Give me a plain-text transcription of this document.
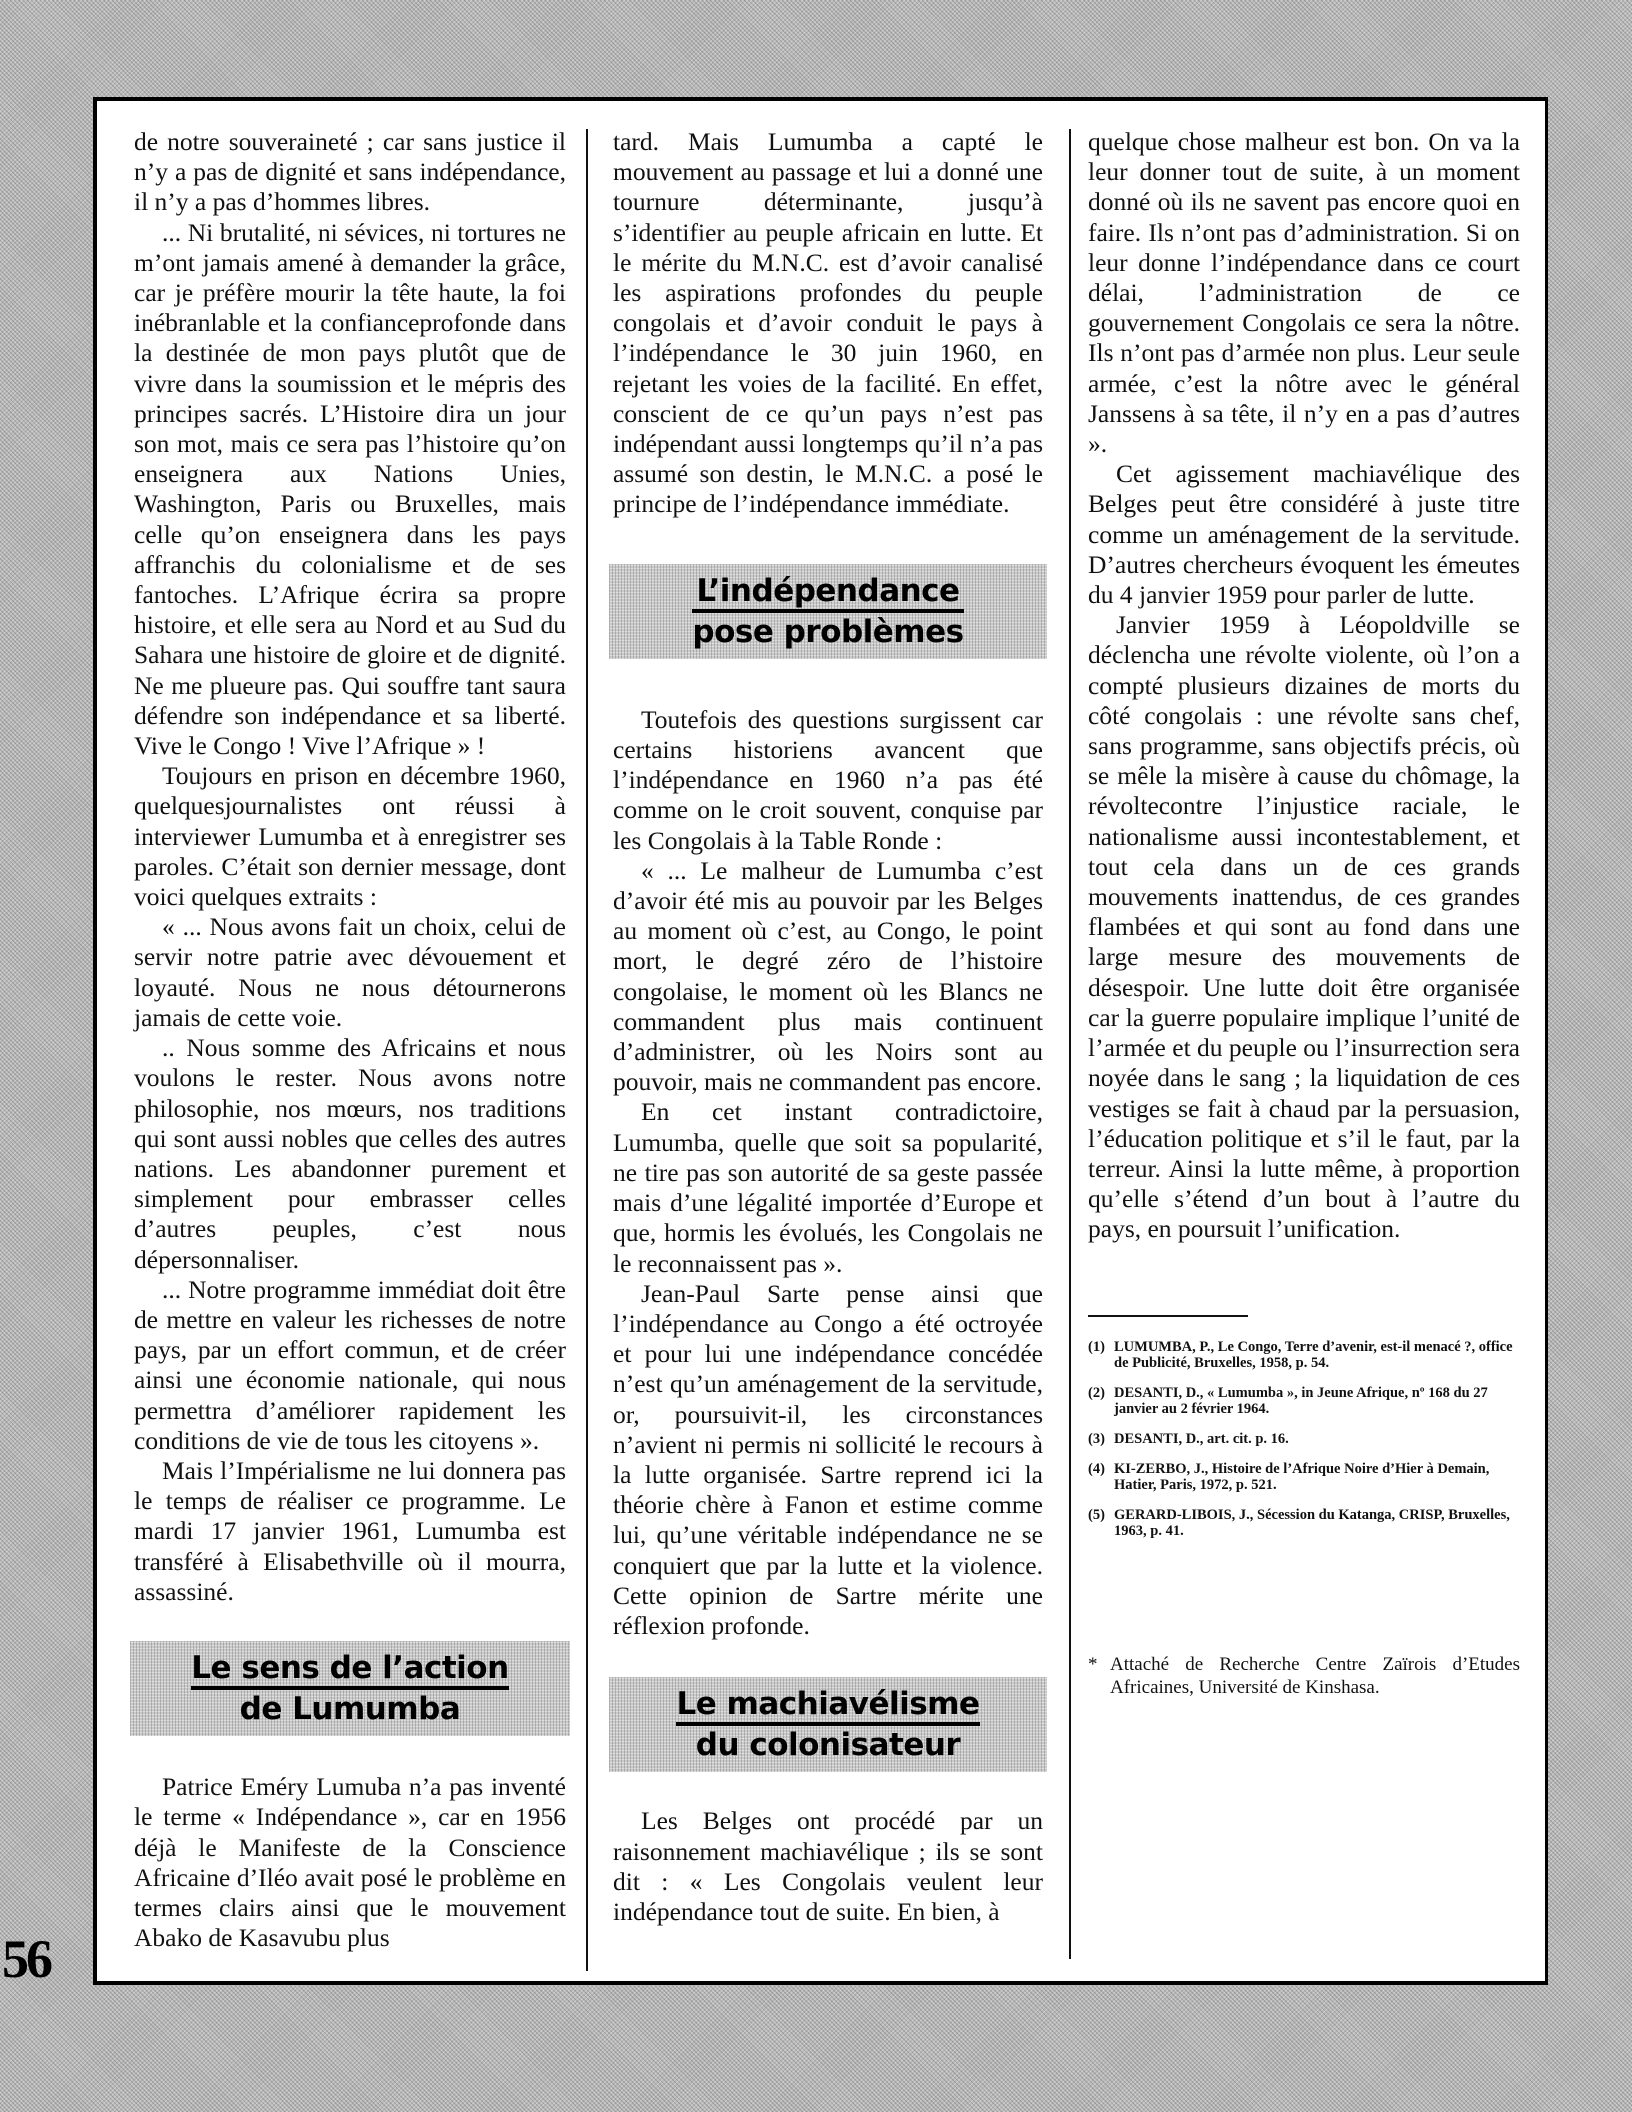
de notre souveraineté ; car sans justice il n’y a pas de dignité et sans indépendance, il n’y a pas d’hommes libres.

... Ni brutalité, ni sévices, ni tortures ne m’ont jamais amené à demander la grâce, car je préfère mourir la tête haute, la foi inébranlable et la confianceprofonde dans la destinée de mon pays plutôt que de vivre dans la soumission et le mépris des principes sacrés. L’Histoire dira un jour son mot, mais ce sera pas l’histoire qu’on enseignera aux Nations Unies, Washington, Paris ou Bruxelles, mais celle qu’on enseignera dans les pays affranchis du colonialisme et de ses fantoches. L’Afrique écrira sa propre histoire, et elle sera au Nord et au Sud du Sahara une histoire de gloire et de dignité. Ne me plueure pas. Qui souffre tant saura défendre son indépendance et sa liberté. Vive le Congo ! Vive l’Afrique » !

Toujours en prison en décembre 1960, quelquesjournalistes ont réussi à interviewer Lumumba et à enregistrer ses paroles. C’était son dernier message, dont voici quelques extraits :

« ... Nous avons fait un choix, celui de servir notre patrie avec dévouement et loyauté. Nous ne nous détournerons jamais de cette voie.

.. Nous somme des Africains et nous voulons le rester. Nous avons notre philosophie, nos mœurs, nos traditions qui sont aussi nobles que celles des autres nations. Les abandonner purement et simplement pour embrasser celles d’autres peuples, c’est nous dépersonnaliser.

... Notre programme immédiat doit être de mettre en valeur les richesses de notre pays, par un effort commun, et de créer ainsi une économie nationale, qui nous permettra d’améliorer rapidement les conditions de vie de tous les citoyens ».

Mais l’Impérialisme ne lui donnera pas le temps de réaliser ce programme. Le mardi 17 janvier 1961, Lumumba est transféré à Elisabethville où il mourra, assassiné.

Le sens de l’action
de Lumumba

Patrice Eméry Lumuba n’a pas inventé le terme « Indépendance », car en 1956 déjà le Manifeste de la Conscience Africaine d’Iléo avait posé le problème en termes clairs ainsi que le mouvement Abako de Kasavubu plus

tard. Mais Lumumba a capté le mouvement au passage et lui a donné une tournure déterminante, jusqu’à s’identifier au peuple africain en lutte. Et le mérite du M.N.C. est d’avoir canalisé les aspirations profondes du peuple congolais et d’avoir conduit le pays à l’indépendance le 30 juin 1960, en rejetant les voies de la facilité. En effet, conscient de ce qu’un pays n’est pas indépendant aussi longtemps qu’il n’a pas assumé son destin, le M.N.C. a posé le principe de l’indépendance immédiate.

L’indépendance
pose problèmes

Toutefois des questions surgissent car certains historiens avancent que l’indépendance en 1960 n’a pas été comme on le croit souvent, conquise par les Congolais à la Table Ronde :

« ... Le malheur de Lumumba c’est d’avoir été mis au pouvoir par les Belges au moment où c’est, au Congo, le point mort, le degré zéro de l’histoire congolaise, le moment où les Blancs ne commandent plus mais continuent d’administrer, où les Noirs sont au pouvoir, mais ne commandent pas encore.

En cet instant contradictoire, Lumumba, quelle que soit sa popularité, ne tire pas son autorité de sa geste passée mais d’une légalité importée d’Europe et que, hormis les évolués, les Congolais ne le reconnaissent pas ».

Jean-Paul Sarte pense ainsi que l’indépendance au Congo a été octroyée et pour lui une indépendance concédée n’est qu’un aménagement de la servitude, or, poursuivit-il, les circonstances n’avient ni permis ni sollicité le recours à la lutte organisée. Sartre reprend ici la théorie chère à Fanon et estime comme lui, qu’une véritable indépendance ne se conquiert que par la lutte et la violence. Cette opinion de Sartre mérite une réflexion profonde.

Le machiavélisme
du colonisateur

Les Belges ont procédé par un raisonnement machiavélique ; ils se sont dit : « Les Congolais veulent leur indépendance tout de suite. En bien, à

quelque chose malheur est bon. On va la leur donner tout de suite, à un moment donné où ils ne savent pas encore quoi en faire. Ils n’ont pas d’administration. Si on leur donne l’indépendance dans ce court délai, l’administration de ce gouvernement Congolais ce sera la nôtre. Ils n’ont pas d’armée non plus. Leur seule armée, c’est la nôtre avec le général Janssens à sa tête, il n’y en a pas d’autres ».

Cet agissement machiavélique des Belges peut être considéré à juste titre comme un aménagement de la servitude. D’autres chercheurs évoquent les émeutes du 4 janvier 1959 pour parler de lutte.

Janvier 1959 à Léopoldville se déclencha une révolte violente, où l’on a compté plusieurs dizaines de morts du côté congolais : une révolte sans chef, sans programme, sans objectifs précis, où se mêle la misère à cause du chômage, la révoltecontre l’injustice raciale, le nationalisme aussi incontestablement, et tout cela dans un de ces grands mouvements inattendus, de ces grandes flambées et qui sont au fond dans une large mesure des mouvements de désespoir. Une lutte doit être organisée car la guerre populaire implique l’unité de l’armée et du peuple ou l’insurrection sera noyée dans le sang ; la liquidation de ces vestiges se fait à chaud par la persuasion, l’éducation politique et s’il le faut, par la terreur. Ainsi la lutte même, à proportion qu’elle s’étend d’un bout à l’autre du pays, en poursuit l’unification.

(1) LUMUMBA, P., Le Congo, Terre d’avenir, est-il menacé ?, office de Publicité, Bruxelles, 1958, p. 54.
(2) DESANTI, D., « Lumumba », in Jeune Afrique, nº 168 du 27 janvier au 2 février 1964.
(3) DESANTI, D., art. cit. p. 16.
(4) KI-ZERBO, J., Histoire de l’Afrique Noire d’Hier à Demain, Hatier, Paris, 1972, p. 521.
(5) GERARD-LIBOIS, J., Sécession du Katanga, CRISP, Bruxelles, 1963, p. 41.
* Attaché de Recherche Centre Zaïrois d’Etudes Africaines, Université de Kinshasa.
56
